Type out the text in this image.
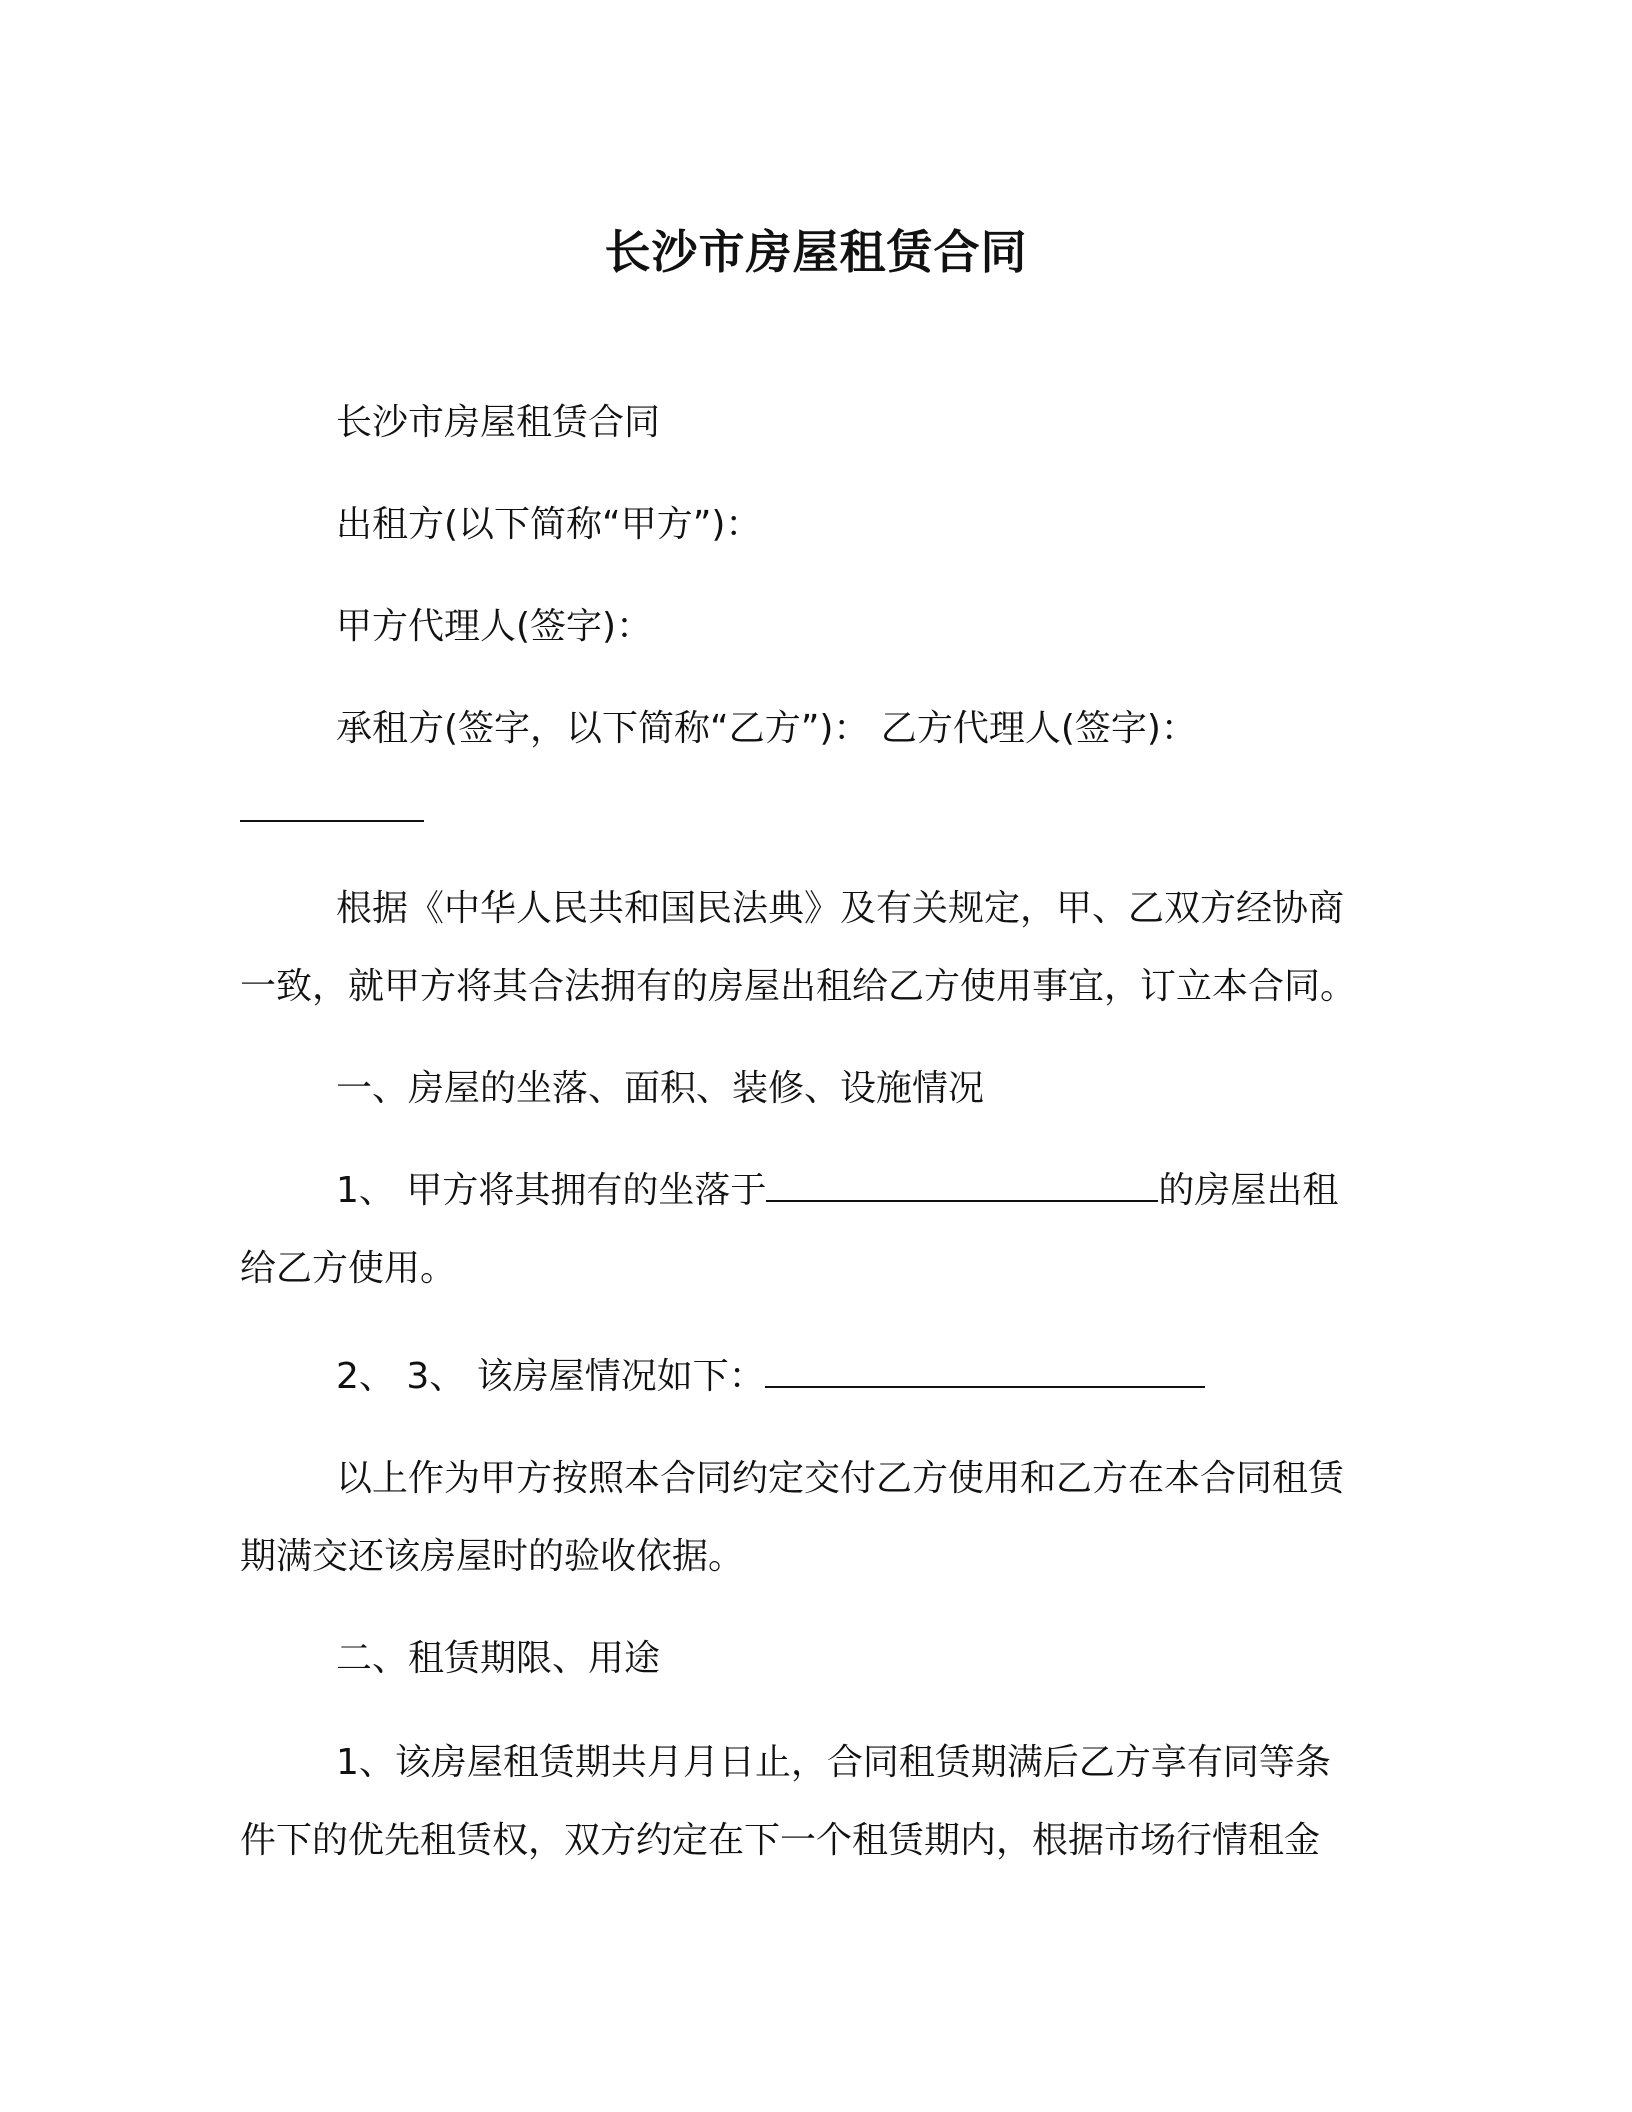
长沙市房屋租赁合同
长沙市房屋租赁合同
出租方(以下简称“甲方”)：
甲方代理人(签字)：
承租方(签字，以下简称“乙方”)： 乙方代理人(签字)：
根据《中华人民共和国民法典》及有关规定，甲、乙双方经协商
一致，就甲方将其合法拥有的房屋出租给乙方使用事宜，订立本合同。
一、房屋的坐落、面积、装修、设施情况
1、 甲方将其拥有的坐落于	的房屋出租
给乙方使用。
2、 3、 该房屋情况如下：
以上作为甲方按照本合同约定交付乙方使用和乙方在本合同租赁
期满交还该房屋时的验收依据。
二、租赁期限、用途
1、该房屋租赁期共月月日止，合同租赁期满后乙方享有同等条
件下的优先租赁权，双方约定在下一个租赁期内，根据市场行情租金
